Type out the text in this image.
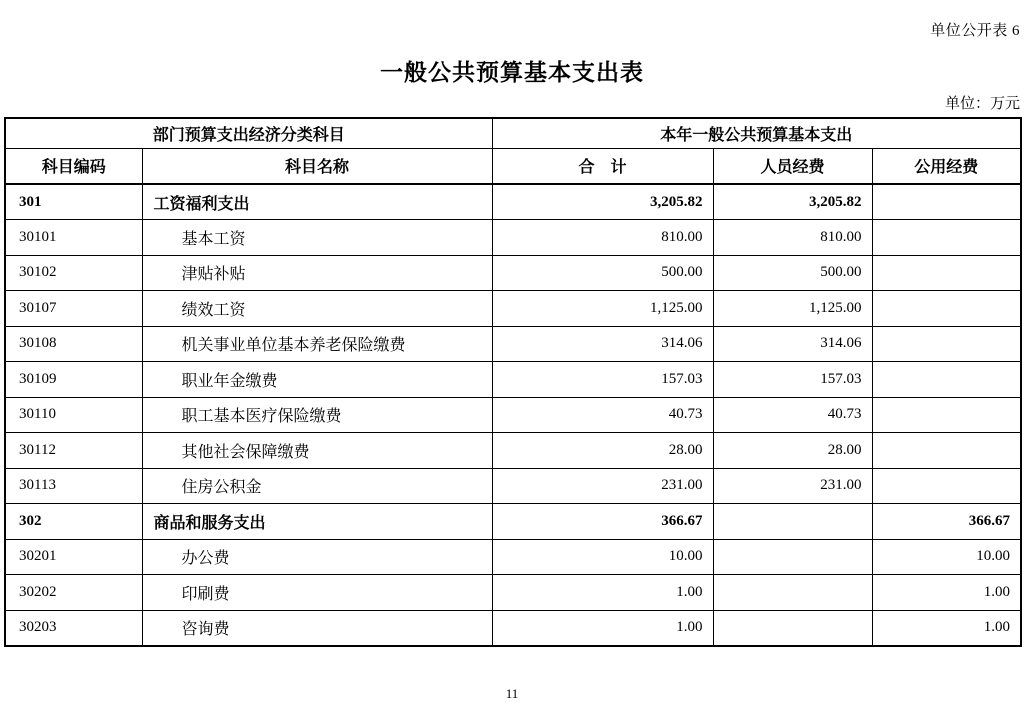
单位公开表 6
一般公共预算基本支出表
单位：万元
部门预算支出经济分类科目		本年一般公共预算基本支出		
科目编码	科目名称	合　计	人员经费	公用经费
301	工资福利支出	3,205.82	3,205.82	
30101	基本工资	810.00	810.00	
30102	津贴补贴	500.00	500.00	
30107	绩效工资	1,125.00	1,125.00	
30108	机关事业单位基本养老保险缴费	314.06	314.06	
30109	职业年金缴费	157.03	157.03	
30110	职工基本医疗保险缴费	40.73	40.73	
30112	其他社会保障缴费	28.00	28.00	
30113	住房公积金	231.00	231.00	
302	商品和服务支出	366.67		366.67
30201	办公费	10.00		10.00
30202	印刷费	1.00		1.00
30203	咨询费	1.00		1.00
11
